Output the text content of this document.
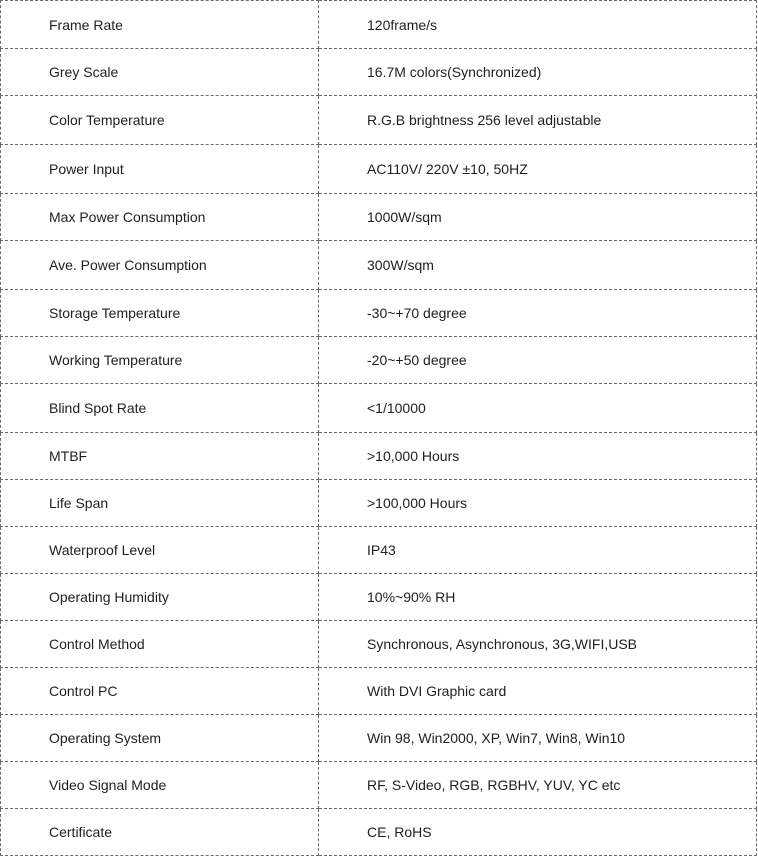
Frame Rate	120frame/s
Grey Scale	16.7M colors(Synchronized)
Color Temperature	R.G.B brightness 256 level adjustable
Power Input	AC110V/ 220V ±10, 50HZ
Max Power Consumption	1000W/sqm
Ave. Power Consumption	300W/sqm
Storage Temperature	-30~+70 degree
Working Temperature	-20~+50 degree
Blind Spot Rate	<1/10000
MTBF	>10,000 Hours
Life Span	>100,000 Hours
Waterproof Level	IP43
Operating Humidity	10%~90% RH
Control Method	Synchronous, Asynchronous, 3G,WIFI,USB
Control PC	With DVI Graphic card
Operating System	Win 98, Win2000, XP, Win7, Win8, Win10
Video Signal Mode	RF, S-Video, RGB, RGBHV, YUV, YC etc
Certificate	CE, RoHS
